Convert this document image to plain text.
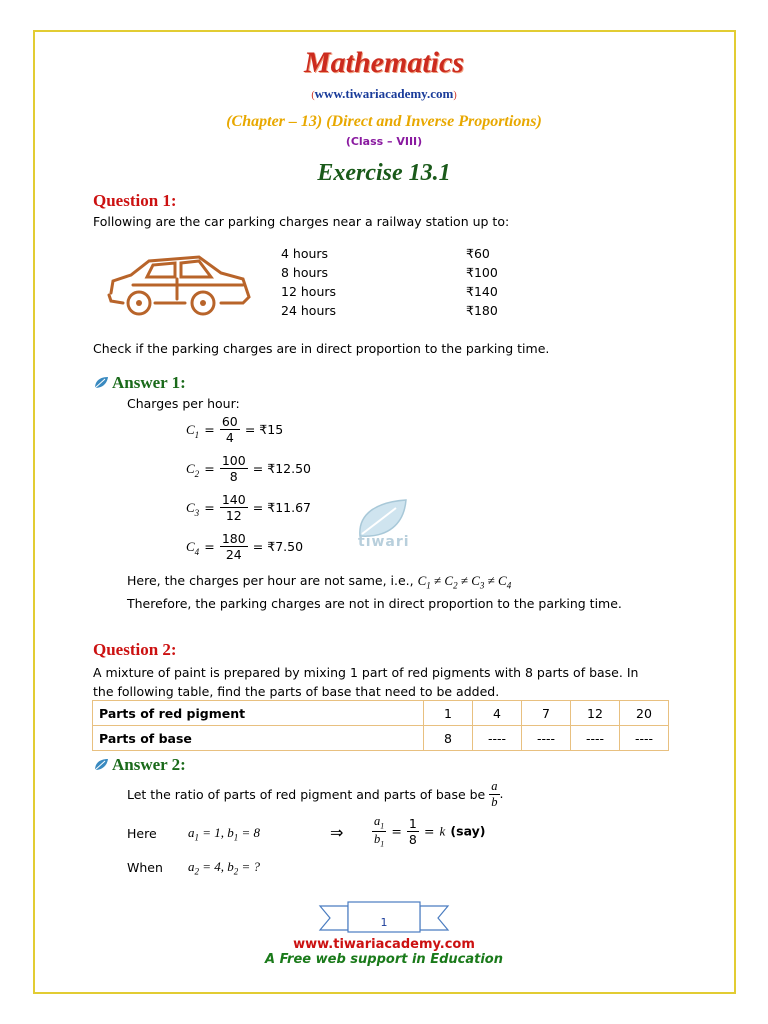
Mathematics
(www.tiwariacademy.com)
(Chapter – 13) (Direct and Inverse Proportions)
(Class – VIII)
Exercise 13.1
Question 1:
Following are the car parking charges near a railway station up to:
4 hours	₹60
8 hours	₹100
12 hours	₹140
24 hours	₹180
Check if the parking charges are in direct proportion to the parking time.
Answer 1:
Charges per hour:
$C_1 = \frac{60}{4}$ = ₹15
$C_2 = \frac{100}{8}$ = ₹12.50
$C_3 = \frac{140}{12}$ = ₹11.67
$C_4 = \frac{180}{24}$ = ₹7.50	tiwari
Here, the charges per hour are not same, i.e., $C_1 \ne C_2 \ne C_3 \ne C_4$
Therefore, the parking charges are not in direct proportion to the parking time.
Question 2:
A mixture of paint is prepared by mixing 1 part of red pigments with 8 parts of base. In
the following table, find the parts of base that need to be added.
Parts of red pigment	1	4	7	12	20
Parts of base	8	----	----	----	----
Answer 2:
Let the ratio of parts of red pigment and parts of base be $\frac{a}{b}$ .
Here $a_1 = 1$, $b_1 = 8$	⇒ $\frac{a_1}{b_1} = \frac{1}{8} = k$ (say)
When $a_2 = 4$, $b_2$ = ?
1
www.tiwariacademy.com
A Free web support in Education
